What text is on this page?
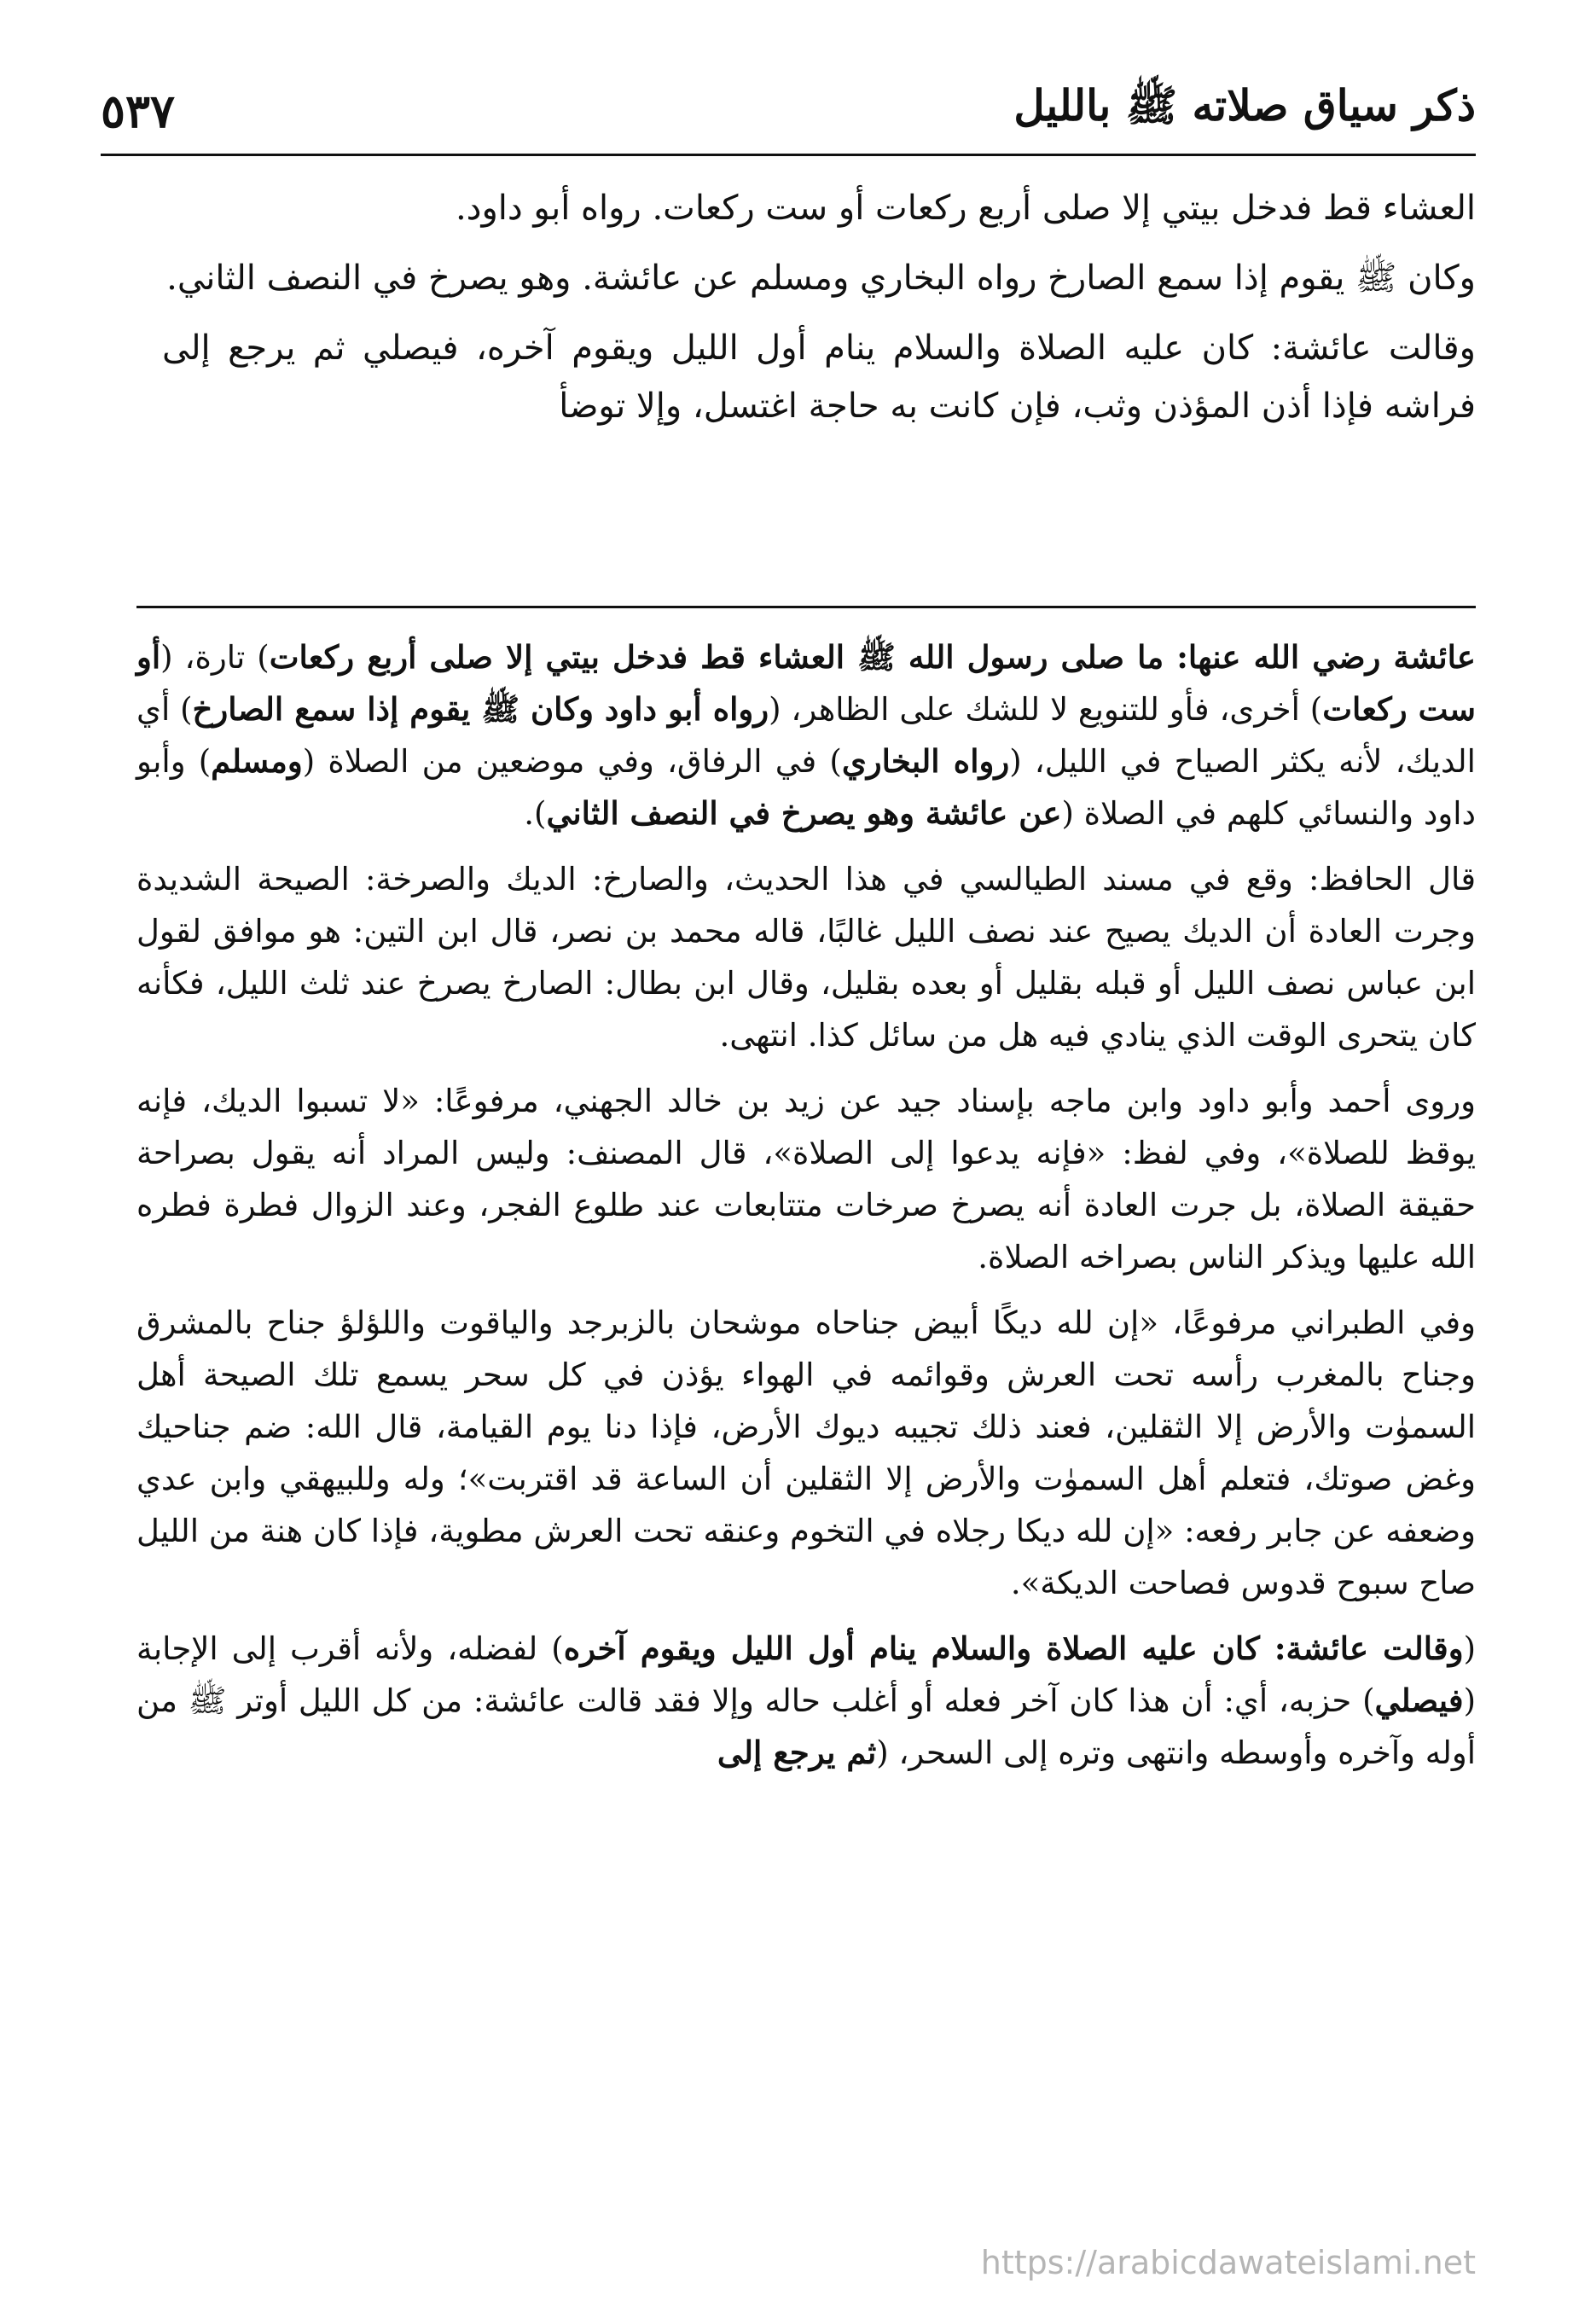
ذكر سياق صلاته ﷺ بالليل
٥٣٧

العشاء قط فدخل بيتي إلا صلى أربع ركعات أو ست ركعات. رواه أبو داود.

وكان ﷺ يقوم إذا سمع الصارخ رواه البخاري ومسلم عن عائشة. وهو يصرخ في النصف الثاني.

وقالت عائشة: كان عليه الصلاة والسلام ينام أول الليل ويقوم آخره، فيصلي ثم يرجع إلى فراشه فإذا أذن المؤذن وثب، فإن كانت به حاجة اغتسل، وإلا توضأ

عائشة رضي الله عنها: ما صلى رسول الله ﷺ العشاء قط فدخل بيتي إلا صلى أربع ركعات) تارة، (أو ست ركعات) أخرى، فأو للتنويع لا للشك على الظاهر، (رواه أبو داود وكان ﷺ يقوم إذا سمع الصارخ) أي الديك، لأنه يكثر الصياح في الليل، (رواه البخاري) في الرفاق، وفي موضعين من الصلاة (ومسلم) وأبو داود والنسائي كلهم في الصلاة (عن عائشة وهو يصرخ في النصف الثاني).

قال الحافظ: وقع في مسند الطيالسي في هذا الحديث، والصارخ: الديك والصرخة: الصيحة الشديدة وجرت العادة أن الديك يصيح عند نصف الليل غالبًا، قاله محمد بن نصر، قال ابن التين: هو موافق لقول ابن عباس نصف الليل أو قبله بقليل أو بعده بقليل، وقال ابن بطال: الصارخ يصرخ عند ثلث الليل، فكأنه كان يتحرى الوقت الذي ينادي فيه هل من سائل كذا. انتهى.

وروى أحمد وأبو داود وابن ماجه بإسناد جيد عن زيد بن خالد الجهني، مرفوعًا: «لا تسبوا الديك، فإنه يوقظ للصلاة»، وفي لفظ: «فإنه يدعوا إلى الصلاة»، قال المصنف: وليس المراد أنه يقول بصراحة حقيقة الصلاة، بل جرت العادة أنه يصرخ صرخات متتابعات عند طلوع الفجر، وعند الزوال فطرة فطره الله عليها ويذكر الناس بصراخه الصلاة.

وفي الطبراني مرفوعًا، «إن لله ديكًا أبيض جناحاه موشحان بالزبرجد والياقوت واللؤلؤ جناح بالمشرق وجناح بالمغرب رأسه تحت العرش وقوائمه في الهواء يؤذن في كل سحر يسمع تلك الصيحة أهل السموٰت والأرض إلا الثقلين، فعند ذلك تجيبه ديوك الأرض، فإذا دنا يوم القيامة، قال الله: ضم جناحيك وغض صوتك، فتعلم أهل السموٰت والأرض إلا الثقلين أن الساعة قد اقتربت»؛ وله وللبيهقي وابن عدي وضعفه عن جابر رفعه: «إن لله ديكا رجلاه في التخوم وعنقه تحت العرش مطوية، فإذا كان هنة من الليل صاح سبوح قدوس فصاحت الديكة».

(وقالت عائشة: كان عليه الصلاة والسلام ينام أول الليل ويقوم آخره) لفضله، ولأنه أقرب إلى الإجابة (فيصلي) حزبه، أي: أن هذا كان آخر فعله أو أغلب حاله وإلا فقد قالت عائشة: من كل الليل أوتر ﷺ من أوله وآخره وأوسطه وانتهى وتره إلى السحر، (ثم يرجع إلى

https://arabicdawateislami.net
